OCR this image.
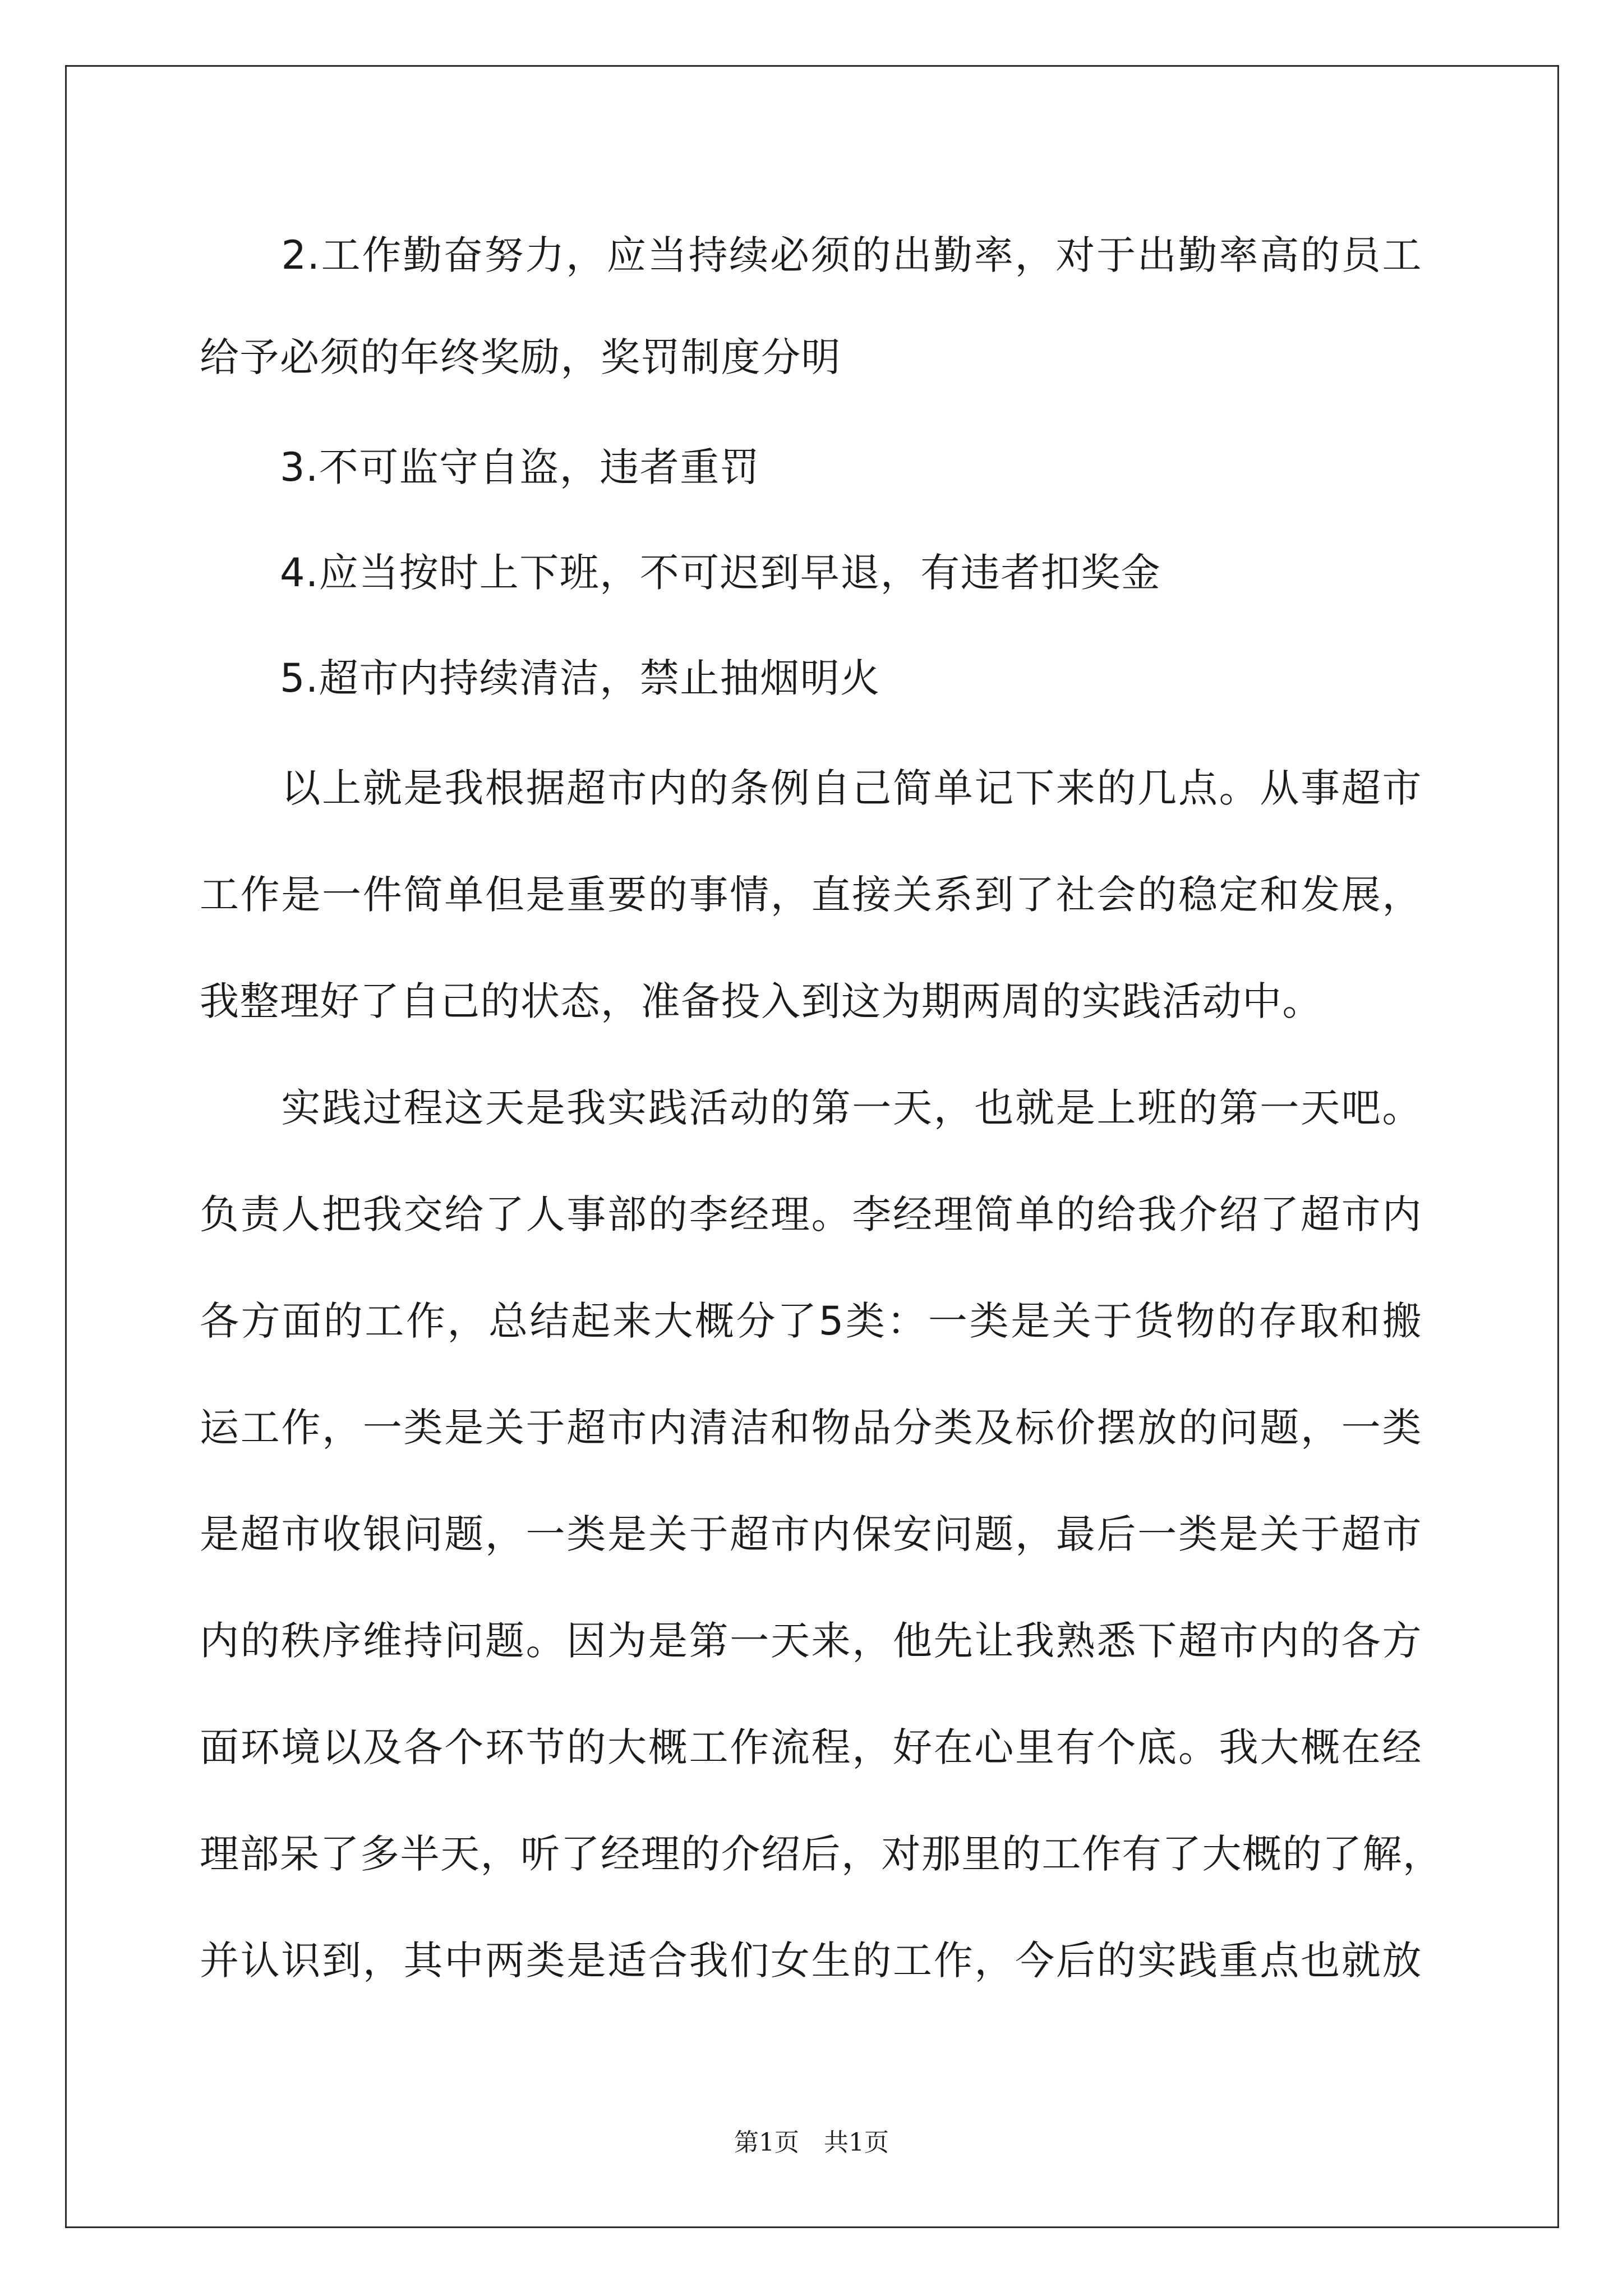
　　2.工作勤奋努力，应当持续必须的出勤率，对于出勤率高的员工
给予必须的年终奖励，奖罚制度分明
　　3.不可监守自盗，违者重罚
　　4.应当按时上下班，不可迟到早退，有违者扣奖金
　　5.超市内持续清洁，禁止抽烟明火
　　以上就是我根据超市内的条例自己简单记下来的几点。从事超市
工作是一件简单但是重要的事情，直接关系到了社会的稳定和发展，
我整理好了自己的状态，准备投入到这为期两周的实践活动中。
　　实践过程这天是我实践活动的第一天，也就是上班的第一天吧。
负责人把我交给了人事部的李经理。李经理简单的给我介绍了超市内
各方面的工作，总结起来大概分了5类：一类是关于货物的存取和搬
运工作，一类是关于超市内清洁和物品分类及标价摆放的问题，一类
是超市收银问题，一类是关于超市内保安问题，最后一类是关于超市
内的秩序维持问题。因为是第一天来，他先让我熟悉下超市内的各方
面环境以及各个环节的大概工作流程，好在心里有个底。我大概在经
理部呆了多半天，听了经理的介绍后，对那里的工作有了大概的了解，
并认识到，其中两类是适合我们女生的工作，今后的实践重点也就放
第1页　共1页
